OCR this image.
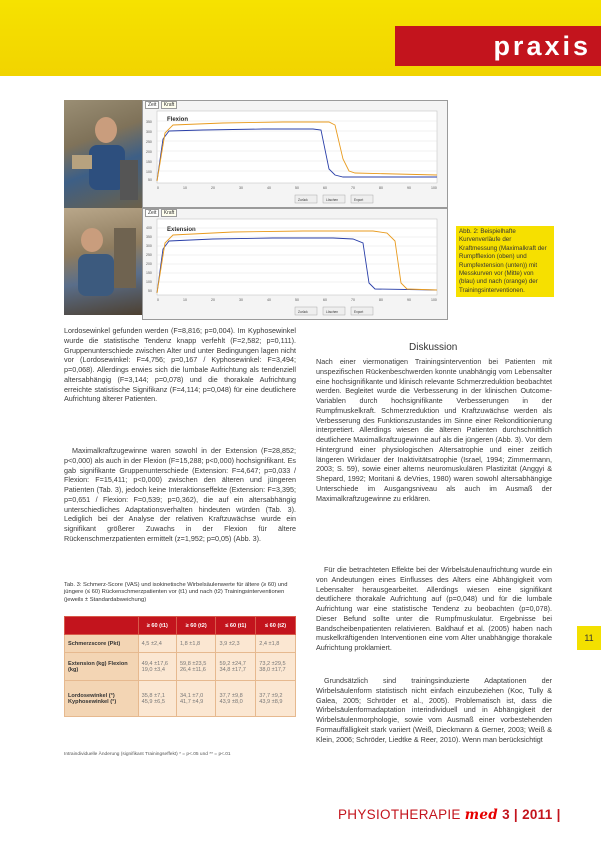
praxis
Zeit Kraft
Flexion
350
300
250
200
150
100
50
0	10	20	30	40	50	60	70	80	90	100
Zurück	Löschen	Export
Zeit Kraft
Extension
400
350
300
250
200
150
100
50
0	10	20	30	40	50	60	70	80	90	100
Zurück	Löschen	Export
Abb. 2: Beispielhafte Kurvenverläufe der Kraftmessung (Maximalkraft der Rumpfflexion (oben) und Rumpfextension (unten)) mit Messkurven vor (Mitte) von (blau) und nach (orange) der Trainingsinterventionen.

Lordosewinkel gefunden werden (F=8,816; p=0,004). Im Kyphosewinkel wurde die statistische Tendenz knapp verfehlt (F=2,582; p=0,111). Gruppenunterschiede zwischen Alter und unter Bedingungen lagen nicht vor (Lordosewinkel: F=4,756; p=0,167 / Kyphosewinkel: F=3,494; p=0,068). Allerdings erwies sich die lumbale Aufrichtung als tendenziell altersabhängig (F=3,144; p=0,078) und die thorakale Aufrichtung erreichte statistische Signifikanz (F=4,114; p=0,048) für eine deutlichere Aufrichtung älterer Patienten.

Maximalkraftzugewinne waren sowohl in der Extension (F=28,852; p<0,000) als auch in der Flexion (F=15,288; p<0,000) hochsignifikant. Es gab signifikante Gruppenunterschiede (Extension: F=4,647; p=0,033 / Flexion: F=15,411; p<0,000) zwischen den älteren und jüngeren Patienten (Tab. 3), jedoch keine Interaktionseffekte (Extension: F=3,395; p=0,651 / Flexion: F=0,539; p=0,362), die auf ein altersabhängig unterschiedliches Adaptationsverhalten hindeuten würden (Tab. 3). Lediglich bei der Analyse der relativen Kraftzuwächse wurde ein signifikant größerer Zuwachs in der Flexion für ältere Rückenschmerzpatienten ermittelt (z=1,952; p=0,05) (Abb. 3).

Tab. 3: Schmerz-Score (VAS) und isokinetische Wirbelsäulenwerte für ältere (≥ 60) und jüngere (≤ 60) Rückenschmerzpatienten vor (t1) und nach (t2) Trainingsinterventionen (jeweils ± Standardabweichung)
	≥ 60 (t1)	≥ 60 (t2)	≤ 60 (t1)	≤ 60 (t2)
Schmerzscore (Pkt)	4,5 ±2,4	1,8 ±1,8	3,9 ±2,3	2,4 ±1,8
Extension (kg) Flexion (kg)	49,4 ±17,6 19,0 ±3,4	59,8 ±23,5 26,4 ±11,6	59,2 ±24,7 34,8 ±17,7	73,2 ±29,5 38,0 ±17,7
Lordosewinkel (°) Kyphosewinkel (°)	35,8 ±7,1 45,9 ±6,5	34,1 ±7,0 41,7 ±4,9	37,7 ±9,8 43,9 ±8,0	37,7 ±9,2 43,9 ±8,9
Intraindividuelle Änderung (signifikant Trainingseffekt) * = p<.05 und ** = p<.01
Diskussion

Nach einer viermonatigen Trainingsintervention bei Patienten mit unspezifischen Rückenbeschwerden konnte unabhängig vom Lebensalter eine hochsignifikante und klinisch relevante Schmerzreduktion beobachtet werden. Begleitet wurde die Verbesserung in der klinischen Outcome-Variablen durch hochsignifikante Verbesserungen in der Rumpfmuskelkraft. Schmerzreduktion und Kraftzuwächse werden als Verbesserung des Funktionszustandes im Sinne einer Rekonditionierung interpretiert. Allerdings wiesen die älteren Patienten durchschnittlich deutlichere Maximalkraftzugewinne auf als die jüngeren (Abb. 3). Vor dem Hintergrund einer physiologischen Altersatrophie und einer zeitlich längeren Wirkdauer der Inaktivitätsatrophie (Israel, 1994; Zimmermann, 2003; S. 59), sowie einer alterns neuromuskulären Plastizität (Anggyi & Shepard, 1992; Moritani & deVries, 1980) waren sowohl altersabhängige Unterschiede im Ausgangsniveau als auch im Ausmaß der Maximalkraftzugewinne zu erklären.

Für die betrachteten Effekte bei der Wirbelsäulenaufrichtung wurde ein von Andeutungen eines Einflusses des Alters eine Abhängigkeit vom Lebensalter herausgearbeitet. Allerdings wiesen eine signifikant deutlichere thorakale Aufrichtung auf (p=0,048) und für die lumbale Aufrichtung war eine statistische Tendenz zu beobachten (p=0,078). Dieser Befund sollte unter die Rumpfmuskulatur. Ergebnisse bei Bandscheibenpatienten relativieren. Baldhauf et al. (2005) haben nach muskelkräftigenden Interventionen eine vom Alter unabhängige thorakale Aufrichtung proklamiert.

Grundsätzlich sind trainingsinduzierte Adaptationen der Wirbelsäulenform statistisch nicht einfach einzubeziehen (Koc, Tully & Galea, 2005; Schröder et al., 2005). Problematisch ist, dass die Wirbelsäulenformadaptation interindividuell und in Abhängigkeit der Wirbelsäulenmorphologie, sowie vom Ausmaß einer vorbestehenden Formauffälligkeit stark variiert (Weiß, Dieckmann & Gerner, 2003; Weiß & Klein, 2006; Schröder, Liedtke & Reer, 2010). Wenn man berücksichtigt

11
PHYSIOTHERAPIE med 3 | 2011 |
